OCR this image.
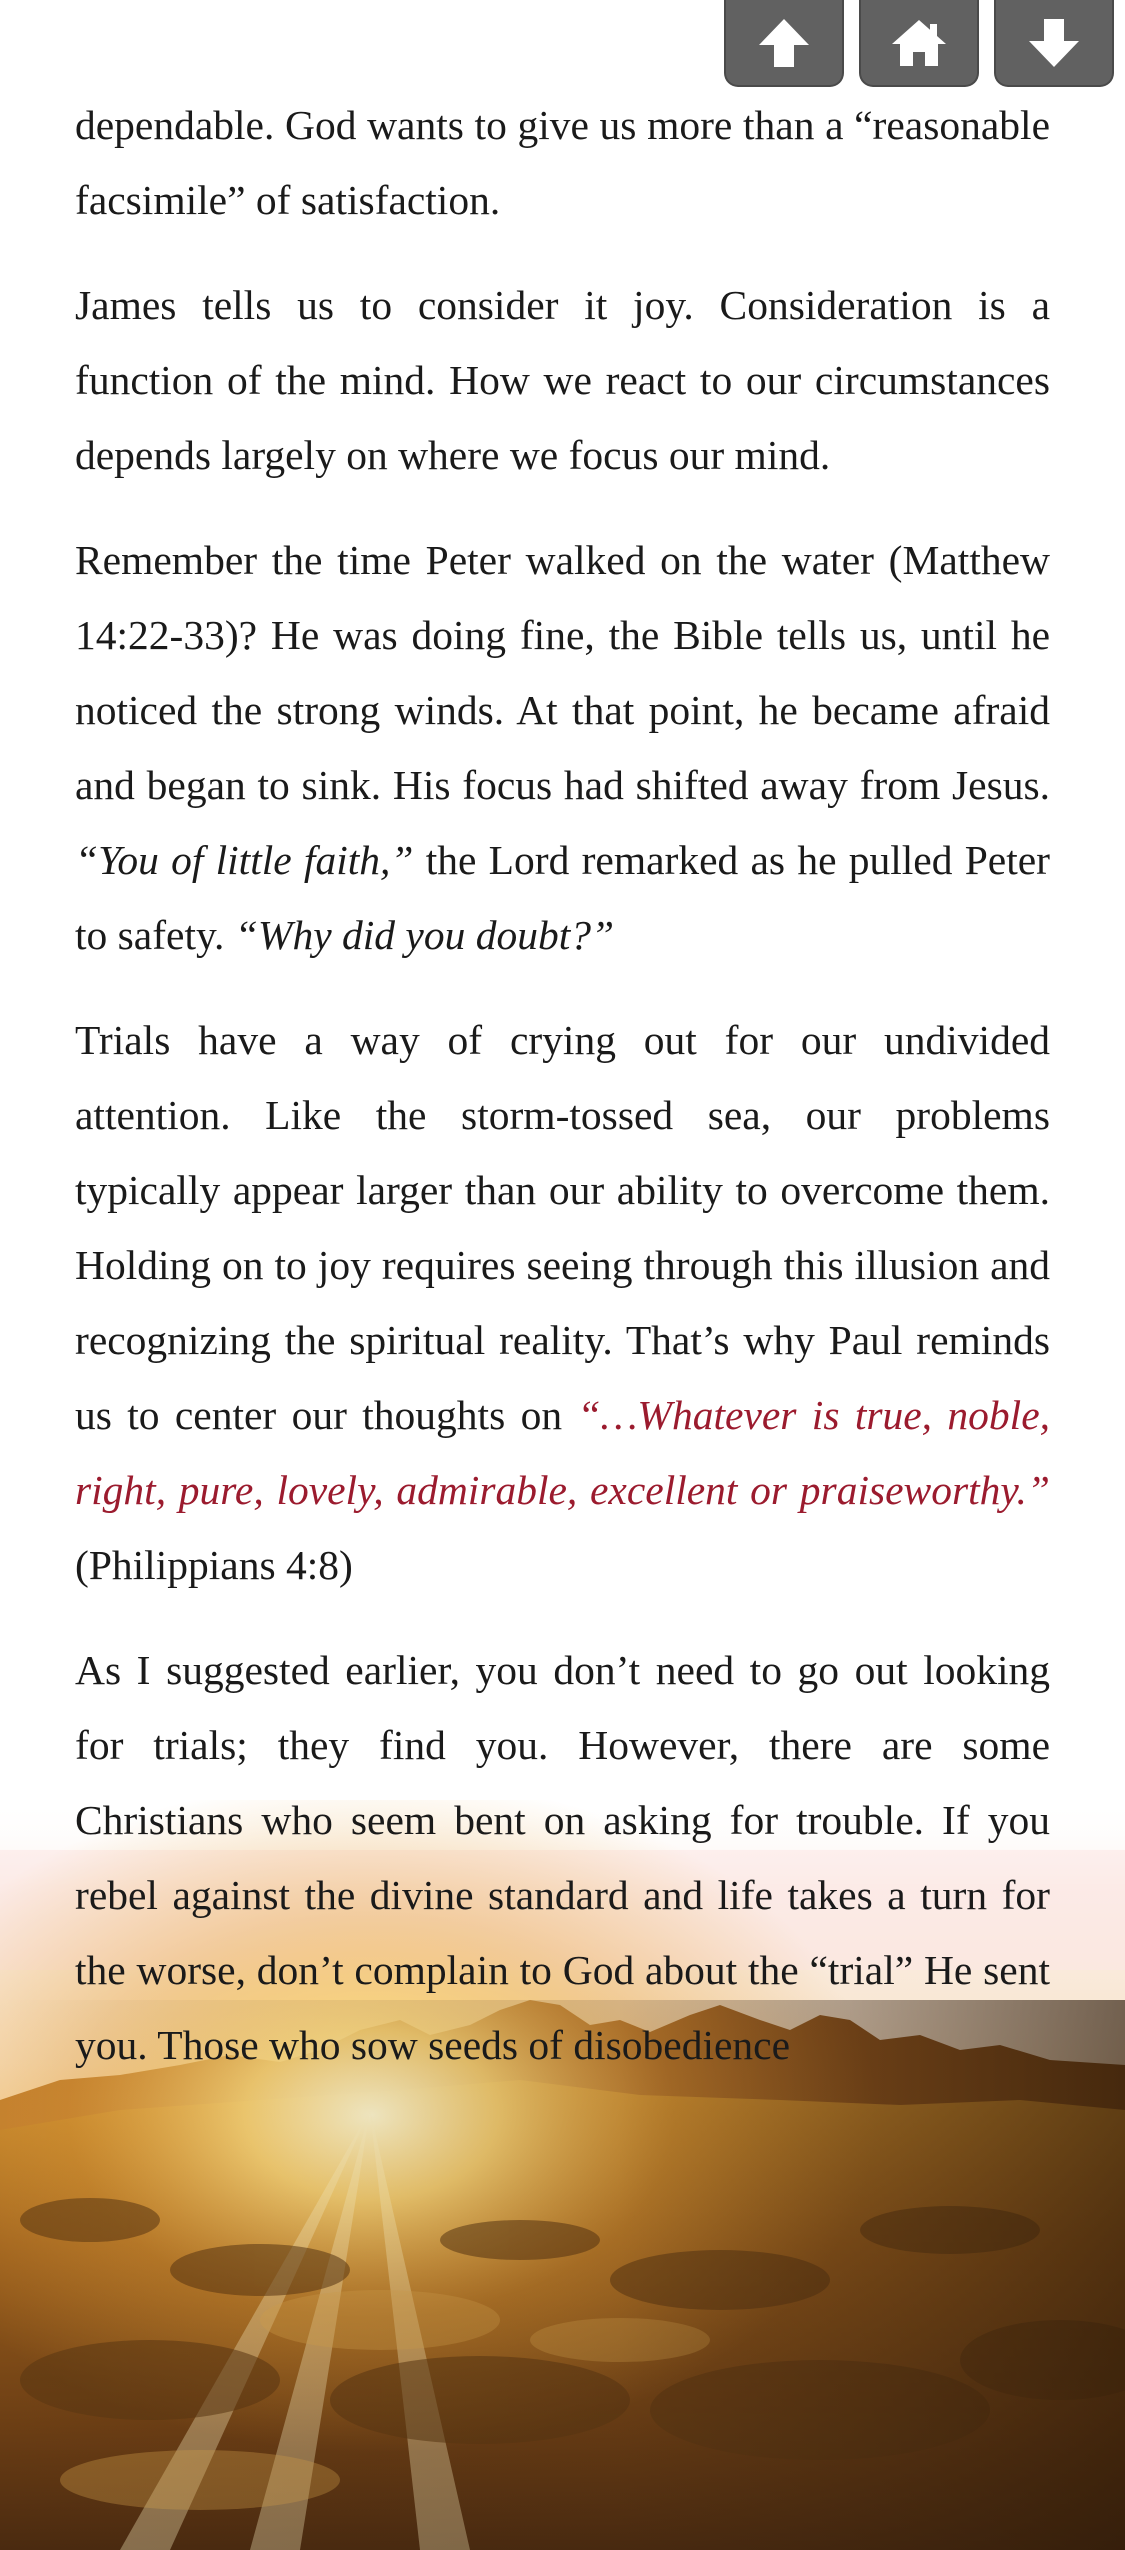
dependable. God wants to give us more than a “reasonable facsimile” of satisfaction.

James tells us to consider it joy. Consideration is a function of the mind. How we react to our circumstances depends largely on where we focus our mind.

Remember the time Peter walked on the water (Matthew 14:22-33)? He was doing fine, the Bible tells us, until he noticed the strong winds. At that point, he became afraid and began to sink. His focus had shifted away from Jesus. “You of little faith,” the Lord remarked as he pulled Peter to safety. “Why did you doubt?”

Trials have a way of crying out for our undivided attention. Like the storm-tossed sea, our problems typically appear larger than our ability to overcome them. Holding on to joy requires seeing through this illusion and recognizing the spiritual reality. That’s why Paul reminds us to center our thoughts on “…Whatever is true, noble, right, pure, lovely, admirable, excellent or praiseworthy.” (Philippians 4:8)

As I suggested earlier, you don’t need to go out looking for trials; they find you. However, there are some Christians who seem bent on asking for trouble. If you rebel against the divine standard and life takes a turn for the worse, don’t complain to God about the “trial” He sent you. Those who sow seeds of disobedience
